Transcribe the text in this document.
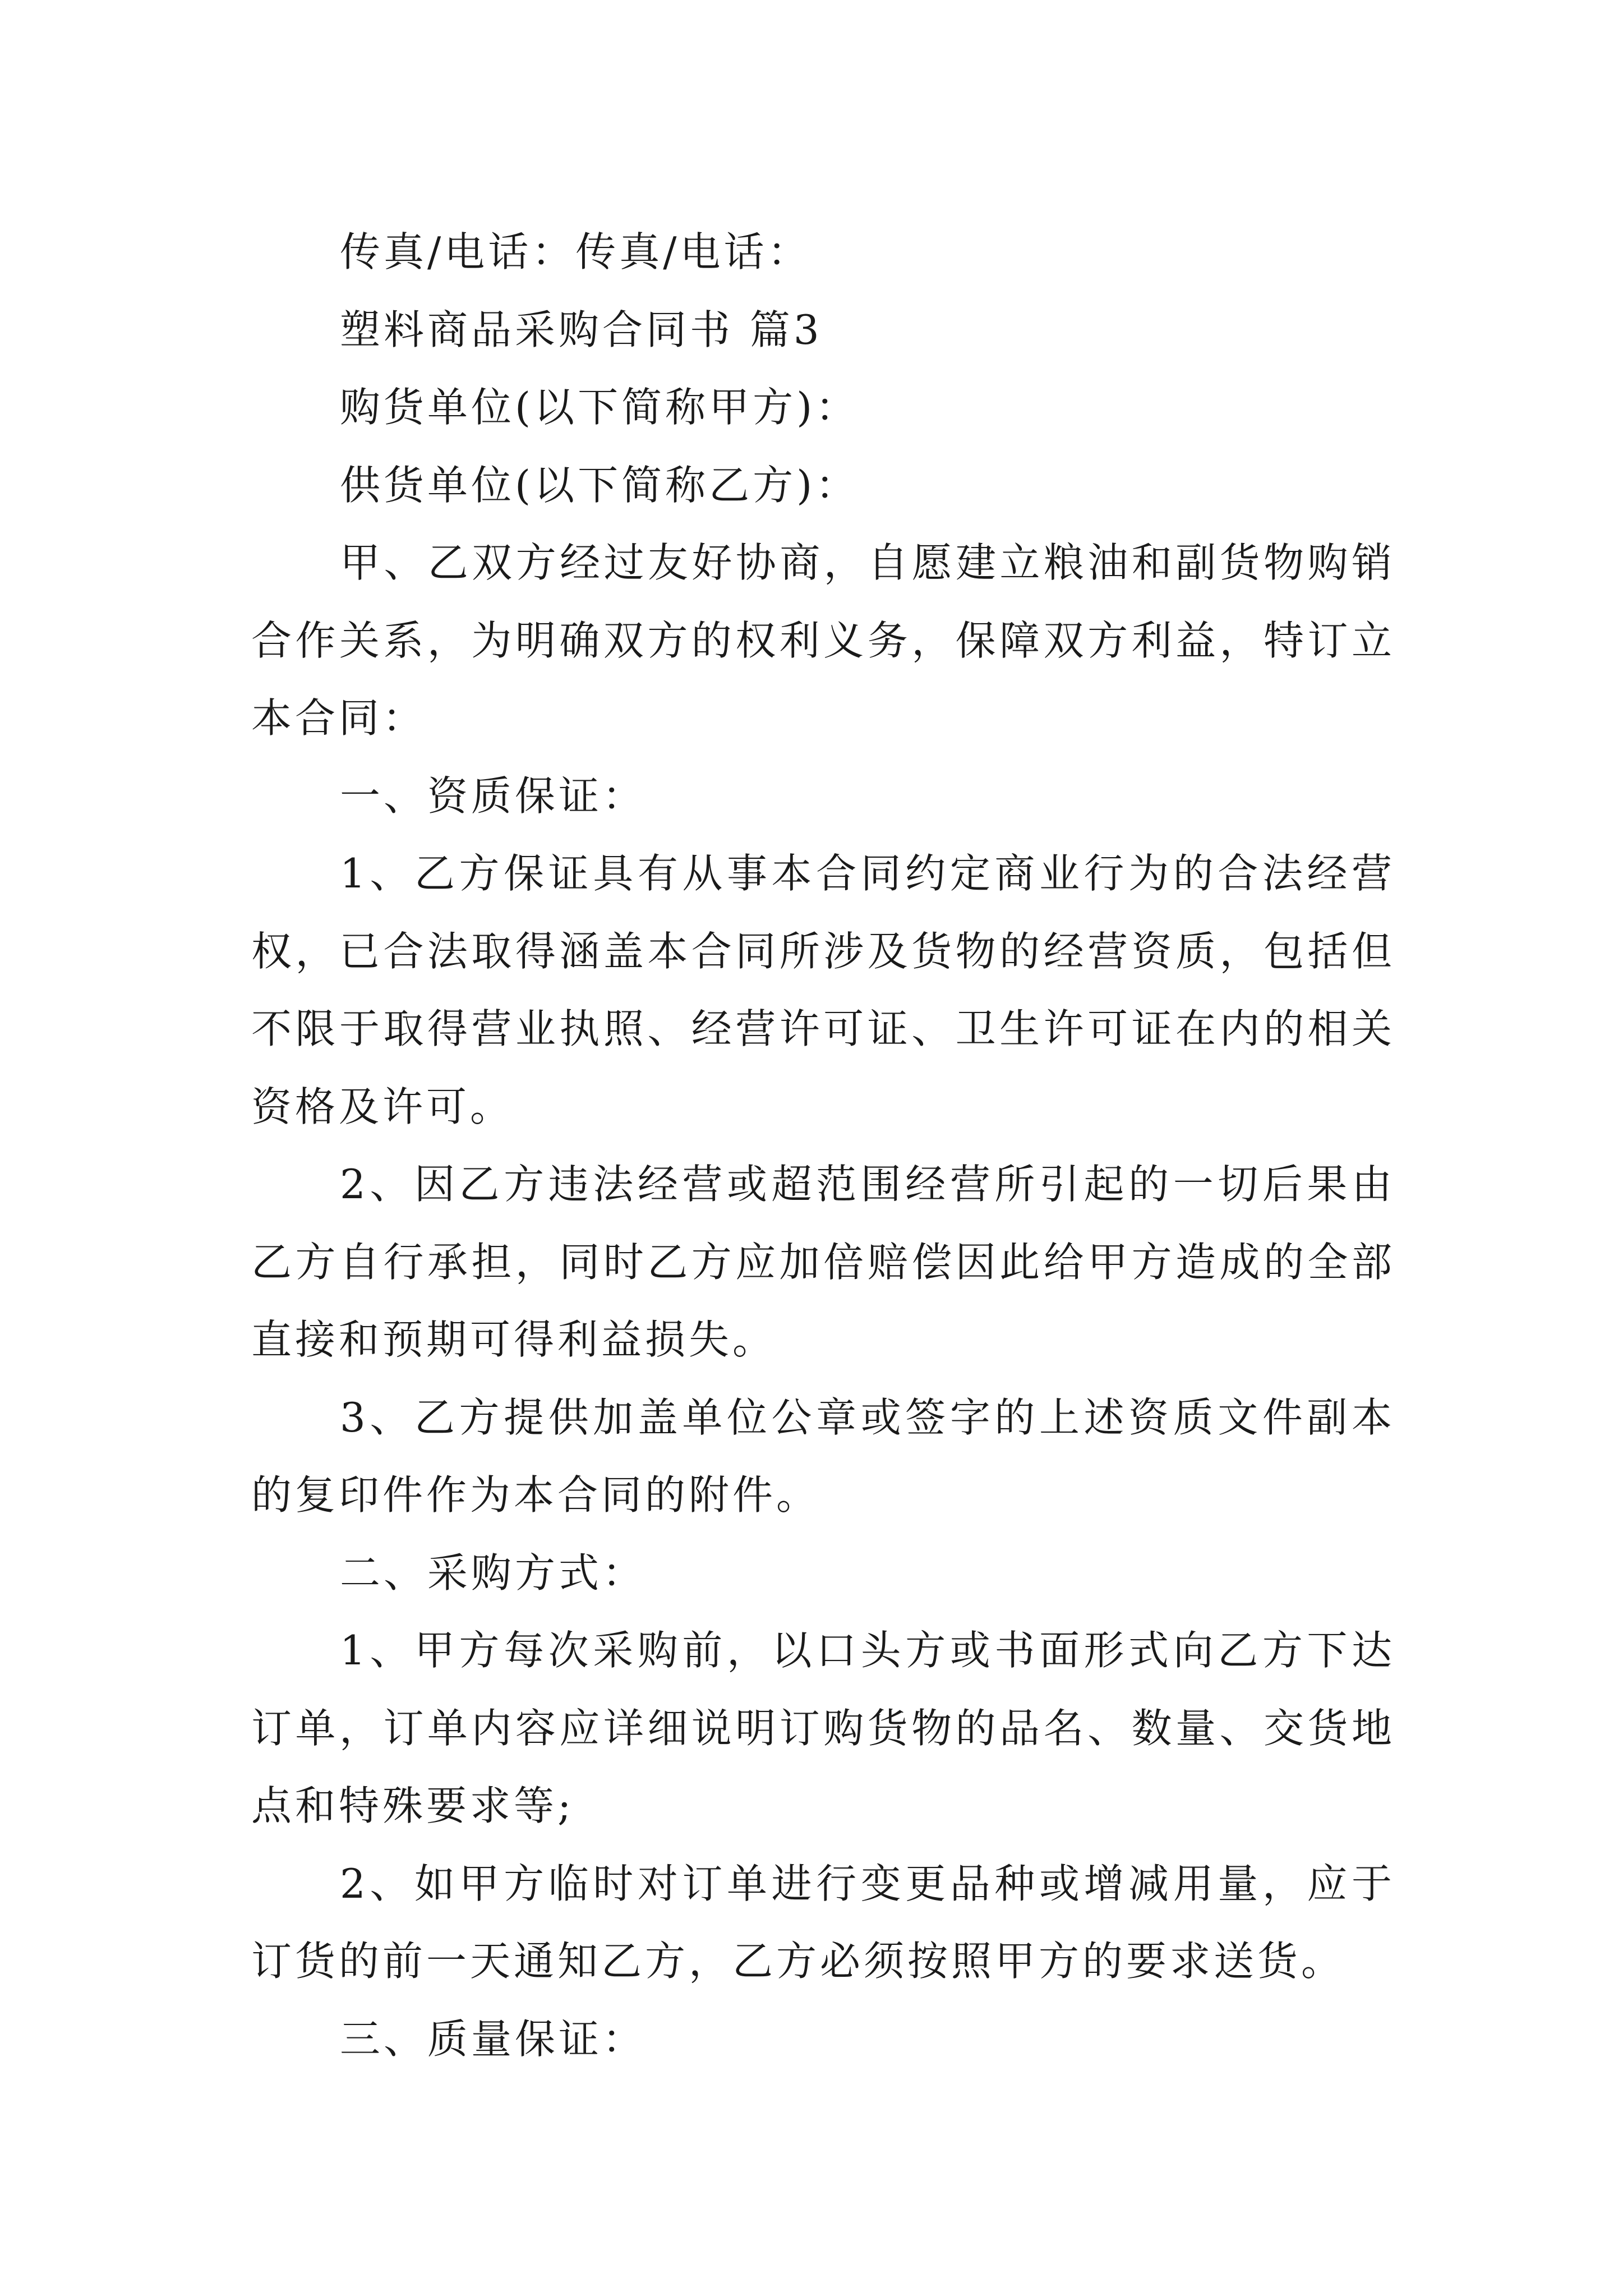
传真/电话：传真/电话：

塑料商品采购合同书 篇3

购货单位(以下简称甲方)：

供货单位(以下简称乙方)：

甲、乙双方经过友好协商，自愿建立粮油和副货物购销合作关系，为明确双方的权利义务，保障双方利益，特订立本合同：

一、资质保证：

1、乙方保证具有从事本合同约定商业行为的合法经营权，已合法取得涵盖本合同所涉及货物的经营资质，包括但不限于取得营业执照、经营许可证、卫生许可证在内的相关资格及许可。

2、因乙方违法经营或超范围经营所引起的一切后果由乙方自行承担，同时乙方应加倍赔偿因此给甲方造成的全部直接和预期可得利益损失。

3、乙方提供加盖单位公章或签字的上述资质文件副本的复印件作为本合同的附件。

二、采购方式：

1、甲方每次采购前，以口头方或书面形式向乙方下达订单，订单内容应详细说明订购货物的品名、数量、交货地点和特殊要求等;

2、如甲方临时对订单进行变更品种或增减用量，应于订货的前一天通知乙方，乙方必须按照甲方的要求送货。

三、质量保证：
